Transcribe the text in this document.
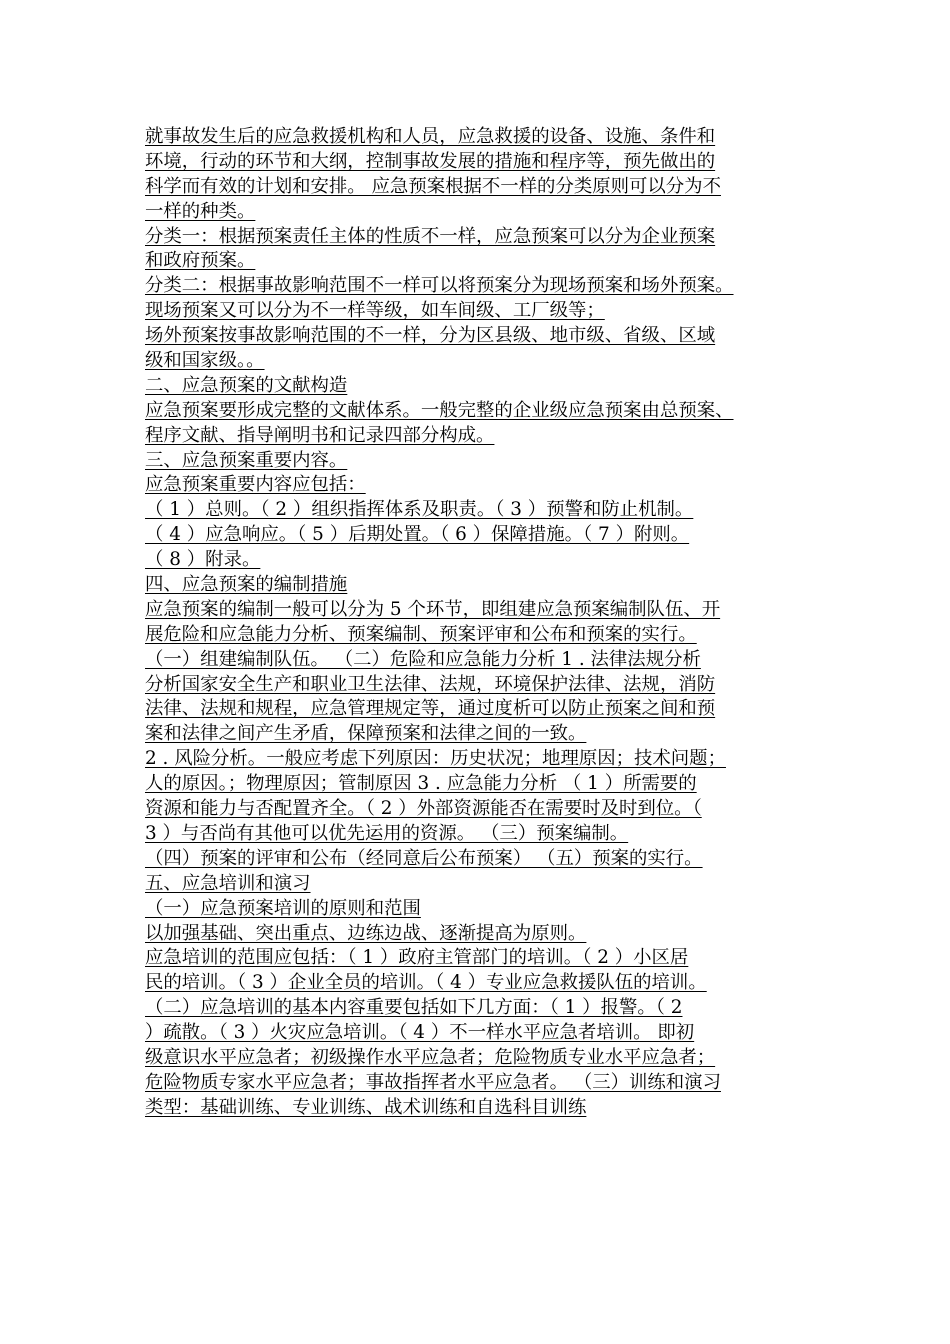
就事故发生后的应急救援机构和人员，应急救援的设备、设施、条件和
环境，行动的环节和大纲，控制事故发展的措施和程序等，预先做出的
科学而有效的计划和安排。 应急预案根据不一样的分类原则可以分为不
一样的种类。
分类一：根据预案责任主体的性质不一样，应急预案可以分为企业预案
和政府预案。
分类二：根据事故影响范围不一样可以将预案分为现场预案和场外预案。
现场预案又可以分为不一样等级，如车间级、工厂级等；
场外预案按事故影响范围的不一样，分为区县级、地市级、省级、区域
级和国家级。。
二、应急预案的文献构造
应急预案要形成完整的文献体系。一般完整的企业级应急预案由总预案、
程序文献、指导阐明书和记录四部分构成。
三、应急预案重要内容。
应急预案重要内容应包括：
（ 1 ）总则。（ 2 ）组织指挥体系及职责。（ 3 ）预警和防止机制。
（ 4 ）应急响应。（ 5 ）后期处置。（ 6 ）保障措施。（ 7 ）附则。
（ 8 ）附录。
四、应急预案的编制措施
应急预案的编制一般可以分为 5 个环节，即组建应急预案编制队伍、开
展危险和应急能力分析、预案编制、预案评审和公布和预案的实行。
（一）组建编制队伍。 （二）危险和应急能力分析 1 . 法律法规分析
分析国家安全生产和职业卫生法律、法规，环境保护法律、法规，消防
法律、法规和规程，应急管理规定等，通过度析可以防止预案之间和预
案和法律之间产生矛盾，保障预案和法律之间的一致。
2 . 风险分析。一般应考虑下列原因：历史状况；地理原因；技术问题；
人的原因。；物理原因；管制原因 3 . 应急能力分析 （ 1 ）所需要的
资源和能力与否配置齐全。（ 2 ）外部资源能否在需要时及时到位。（
3 ）与否尚有其他可以优先运用的资源。 （三）预案编制。
（四）预案的评审和公布（经同意后公布预案） （五）预案的实行。
五、应急培训和演习
（一）应急预案培训的原则和范围
以加强基础、突出重点、边练边战、逐渐提高为原则。
应急培训的范围应包括：（ 1 ）政府主管部门的培训。（ 2 ）小区居
民的培训。（ 3 ）企业全员的培训。（ 4 ）专业应急救援队伍的培训。
（二）应急培训的基本内容重要包括如下几方面：（ 1 ）报警。（ 2
）疏散。（ 3 ）火灾应急培训。（ 4 ）不一样水平应急者培训。 即初
级意识水平应急者；初级操作水平应急者；危险物质专业水平应急者；
危险物质专家水平应急者；事故指挥者水平应急者。 （三）训练和演习
类型：基础训练、专业训练、战术训练和自选科目训练
